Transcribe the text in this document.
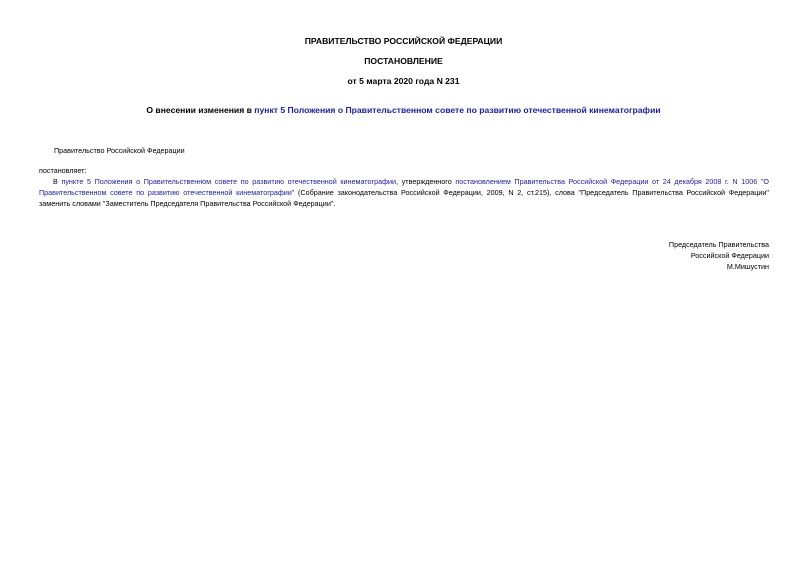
ПРАВИТЕЛЬСТВО РОССИЙСКОЙ ФЕДЕРАЦИИ
ПОСТАНОВЛЕНИЕ
от 5 марта 2020 года N 231
О внесении изменения в пункт 5 Положения о Правительственном совете по развитию отечественной кинематографии
Правительство Российской Федерации
постановляет:
В пункте 5 Положения о Правительственном совете по развитию отечественной кинематографии, утвержденного постановлением Правительства Российской Федерации от 24 декабря 2008 г. N 1006 "О Правительственном совете по развитию отечественной кинематографии" (Собрание законодательства Российской Федерации, 2009, N 2, ст.215), слова "Председатель Правительства Российской Федерации" заменить словами "Заместитель Председателя Правительства Российской Федерации".
Председатель Правительства
Российской Федерации
М.Мишустин
